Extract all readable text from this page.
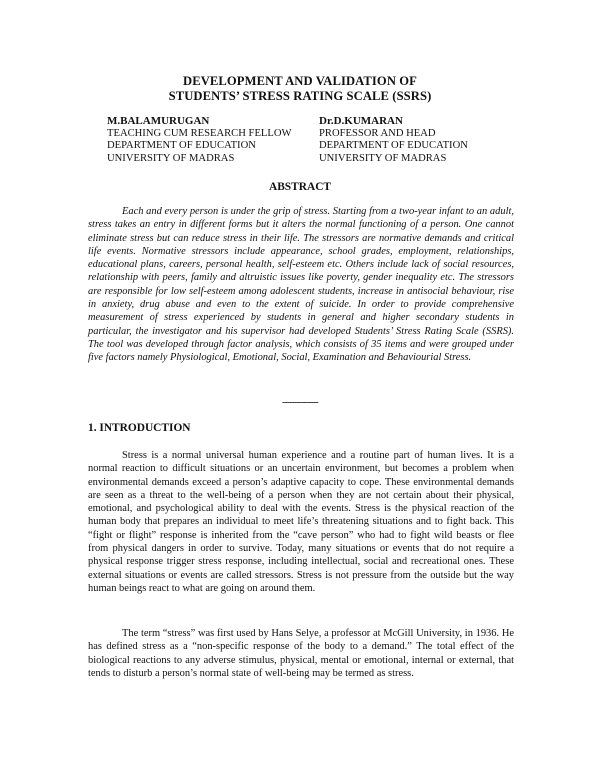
DEVELOPMENT AND VALIDATION OF
STUDENTS’ STRESS RATING SCALE (SSRS)
M.BALAMURUGAN
TEACHING CUM RESEARCH FELLOW
DEPARTMENT OF EDUCATION
UNIVERSITY OF MADRAS
Dr.D.KUMARAN
PROFESSOR AND HEAD
DEPARTMENT OF EDUCATION
UNIVERSITY OF MADRAS
ABSTRACT

Each and every person is under the grip of stress. Starting from a two-year infant to an adult, stress takes an entry in different forms but it alters the normal functioning of a person. One cannot eliminate stress but can reduce stress in their life. The stressors are normative demands and critical life events. Normative stressors include appearance, school grades, employment, relationships, educational plans, careers, personal health, self-esteem etc. Others include lack of social resources, relationship with peers, family and altruistic issues like poverty, gender inequality etc. The stressors are responsible for low self-esteem among adolescent students, increase in antisocial behaviour, rise in anxiety, drug abuse and even to the extent of suicide. In order to provide comprehensive measurement of stress experienced by students in general and higher secondary students in particular, the investigator and his supervisor had developed Students’ Stress Rating Scale (SSRS). The tool was developed through factor analysis, which consists of 35 items and were grouped under five factors namely Physiological, Emotional, Social, Examination and Behaviourial Stress.

---------------
1. INTRODUCTION

Stress is a normal universal human experience and a routine part of human lives. It is a normal reaction to difficult situations or an uncertain environment, but becomes a problem when environmental demands exceed a person’s adaptive capacity to cope. These environmental demands are seen as a threat to the well-being of a person when they are not certain about their physical, emotional, and psychological ability to deal with the events. Stress is the physical reaction of the human body that prepares an individual to meet life’s threatening situations and to fight back. This “fight or flight” response is inherited from the “cave person” who had to fight wild beasts or flee from physical dangers in order to survive. Today, many situations or events that do not require a physical response trigger stress response, including intellectual, social and recreational ones. These external situations or events are called stressors. Stress is not pressure from the outside but the way human beings react to what are going on around them.

The term “stress” was first used by Hans Selye, a professor at McGill University, in 1936. He has defined stress as a “non-specific response of the body to a demand.” The total effect of the biological reactions to any adverse stimulus, physical, mental or emotional, internal or external, that tends to disturb a person’s normal state of well-being may be termed as stress.
